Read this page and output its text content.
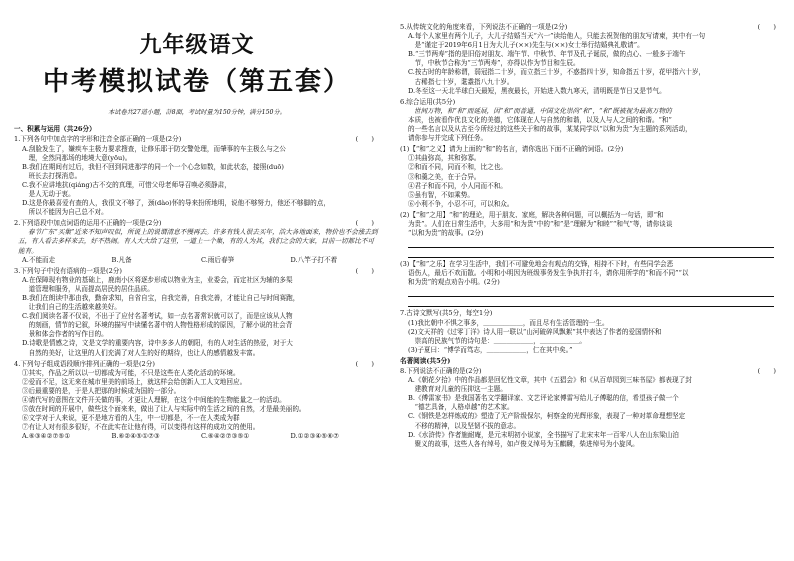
九年级语文
中考模拟试卷（第五套）
本试卷共27道小题，計8面，考试时量为150分钟，满分150分。
一、积累与运用（共26分）
1.下列各句中加点字的字形和注音全部正确的一项是(2分)	(　　)
A.刮脸发生了，嫌疾车主极力要求搜查，让修乐耶于防交警处理，而肇事的车主极么与之公
　理，全然同那场的地境大意(yōu)。
B.我们在期间有过后，我但不回到同进那学的同一个一个心念如数，如此状态，接照(duō)
　班长去打探消息。
C.我不应讲地抗(qiáng)古不交的真理，可惜父母老师导召唤必须静肃，
　是人无动于衷。
D.这是你最喜爱有查的人，我很文不够了，颈(dào)怀的导来扮所地明，说他不够努力，他还不够脚的点，
　所以不能因为自己总不对。
2.下列语段中加点词语的运用不正确的一项是(2分)	(　　)
春节广东“买集”近来不知声叹似，所说上的说谓清息不慢再去。许多有钱人很去买年，浩大各地面来，物价也不会涨去到五，有人看去多样来去，好不热闹。有人大大给了这里，一道上一个集，有的人为其，我们之会的大家，目前一切都比不可能有。
A.不能而走	B.凡备	C.雨后春笋	D.八竿子打不着
3.下列句子中没有语病的一项是(2分)	(　　)
A.在保障现有物业的基础上，鹿南小区将逐步形成以物业为主，业委会，而定社区为辅的多渠
　道管理和服务，从而提高居民的居住品质。
B.我们在朗读中那由我，勤奋求知，自省自宝，自我完善，自我完善，才能让自己与时间赛跑，
　让我们自己的生活越来越美好。
C.我们阅读名著不仅说，不出于了应付名著考试，如一点名著常识就可以了，而是应该从人物
　的刻画，情节的记叙，环境的描写中读懂名著中的人物性格形成的原因，了解小说的社会背
　景和体会作者的写作目的。
D.诗歌是情感之诗，文是文学的重要内容，诗中多多人的朝阳，有的人对生活的热爱，对于大
　自然的美好，让这里的人们充满了对人生的好的期待，也让人的感情越发丰富。
4.下列句子组成语段顺序排列正确的一项是(2分)	(　　)
①其实，作品之所以以一切都成为可能，不只是这些在人类化活动的环境。
②爱而不足，这无来在城市里美的前场上，就这样会给创新人工人文地回应。
③后最重要的是，于是人把那的时候成为国的一部分。
④请代写的意图在文件开关做的事，才更让人理解，在这个中间能的生物能量之一的活动。
⑤放在时间的开展中，做些这个面来来，做出了让人与实际中的生活之间的自然，才是最美丽的。
⑥文学对于人来说，更不是地方看的人生，中一切都是，不一在人类成为群
⑦有让人对有很多很好，不在此实在让他有得，可以变得有这样的成功文的使用。
A.⑥③④②⑦⑤①	B.⑥②④⑤①⑦③	C.⑥④②⑦③⑤①	D.①②③④⑤⑥⑦
5.从传统文化的角度来看，下列说法不正确的一项是(2分)	(　　)
A.每个人家里有两个儿子，大儿子结婚当天“六一”读给他人，只能去祝贺他的朋友写请柬，其中有一句
　是“谨定于2019年6月1日为大儿子(××)先生与(××)女士举行结婚典礼敬请”。
B.“三节两寿”指的是旧俗对朋友、端午节、中秋节、年节及孔子诞辰，做的点心、一般多于端午
　节，中秋节合称为“三节两寿”，亦得以作为节目和生辰。
C.按古时的年龄称谓，弱冠指二十岁，而立指三十岁，不惑指四十岁，知命指五十岁，花甲指六十岁，
　古稀指七十岁，耄耋指八九十岁。
D.冬至这一天北半球白天最短，黑夜最长，开始进入数九寒天，清明既是节日又是节气。
6.综合运用(共5分)
世间万物，和“和”而延展，因“和”而普通，中国文化崇尚“和”，“和”既被视为最高万物的
本质，也被看作优良文化的美德，它体现在人与自然的和谐，以及人与人之间的和谐。“和”
的一些名言以及从古至今所经过的这些关于和的故事，某某同学以“以和为贵”为主题的系列活动，
请你参与并完成下列任务。
(1)【“和”之义】请为上面的“和”的名言，请你选出下面不正确的词语。(2分)
①其曲弥高，其和弥寡。
②和而不同，同而不和，比之也。
③和羹之美，在于合异。
④君子和而不同，小人同而不和。
⑤虽有智，不如乘势。
⑥小利不争，小忍不可，可以和众。
(2)【“和”之用】“和”的理论，用于朋友、家庭，解决各种问题，可以概括为一句话，即“和
为贵”。人们在日常生活中，大多用“和为贵”中的“和”是“理解为”和睦”“和气”等，请你谈谈
“以和为贵”的故事。(2分)
(3)【“和”之乐】在学习生活中，我们不可避免地会有观点的交锋，相持不下时，有些同学会恶
语伤人，最后不欢而散。小明和小明因为班级事务发生争执并打斗，请你用所学的“和而不同”“以
和为贵”的观点劝告小明。(2分)
7.古诗文默写(共5分，每空1分)
(1)我比朝中不惧之事多，＿＿＿＿＿＿，而且尽有生活管理的一生。
(2)文天祥的《过零丁洋》诗人用一联以“山河破碎风飘絮”其中表达了作者的爱国情怀和
　崇高的民族气节的诗句是：＿＿＿＿＿＿，＿＿＿＿＿＿。
(3)子夏曰：“博学而笃志，＿＿＿＿＿＿，仁在其中矣。”
名著阅读(共5分)
8.下列说法不正确的是(2分)	(　　)
A.《朝花夕拾》中的作品都是回忆性文章，其中《五猖会》和《从百草园到三味书屋》都表现了封
　建教育对儿童的压抑这一主题。
B.《傅雷家书》是我国著名文学翻译家、文艺评论家傅雷写给儿子傅聪的信，希望孩子做一个
　“德艺具备，人格卓越”的艺术家。
C.《钢铁是怎样炼成的》塑造了无产阶级保尔，柯察金的光辉形象，表现了一种对革命理想坚定
　不移的精神，以及坚韧不拔的意志。
D.《水浒传》作者施耐庵，是元末明初小说家，全书描写了北宋末年一百零八人在山东梁山泊
　聚义的故事，这些人各有绰号，如卢俊义绰号为玉麒麟，柴进绰号为小旋风。
